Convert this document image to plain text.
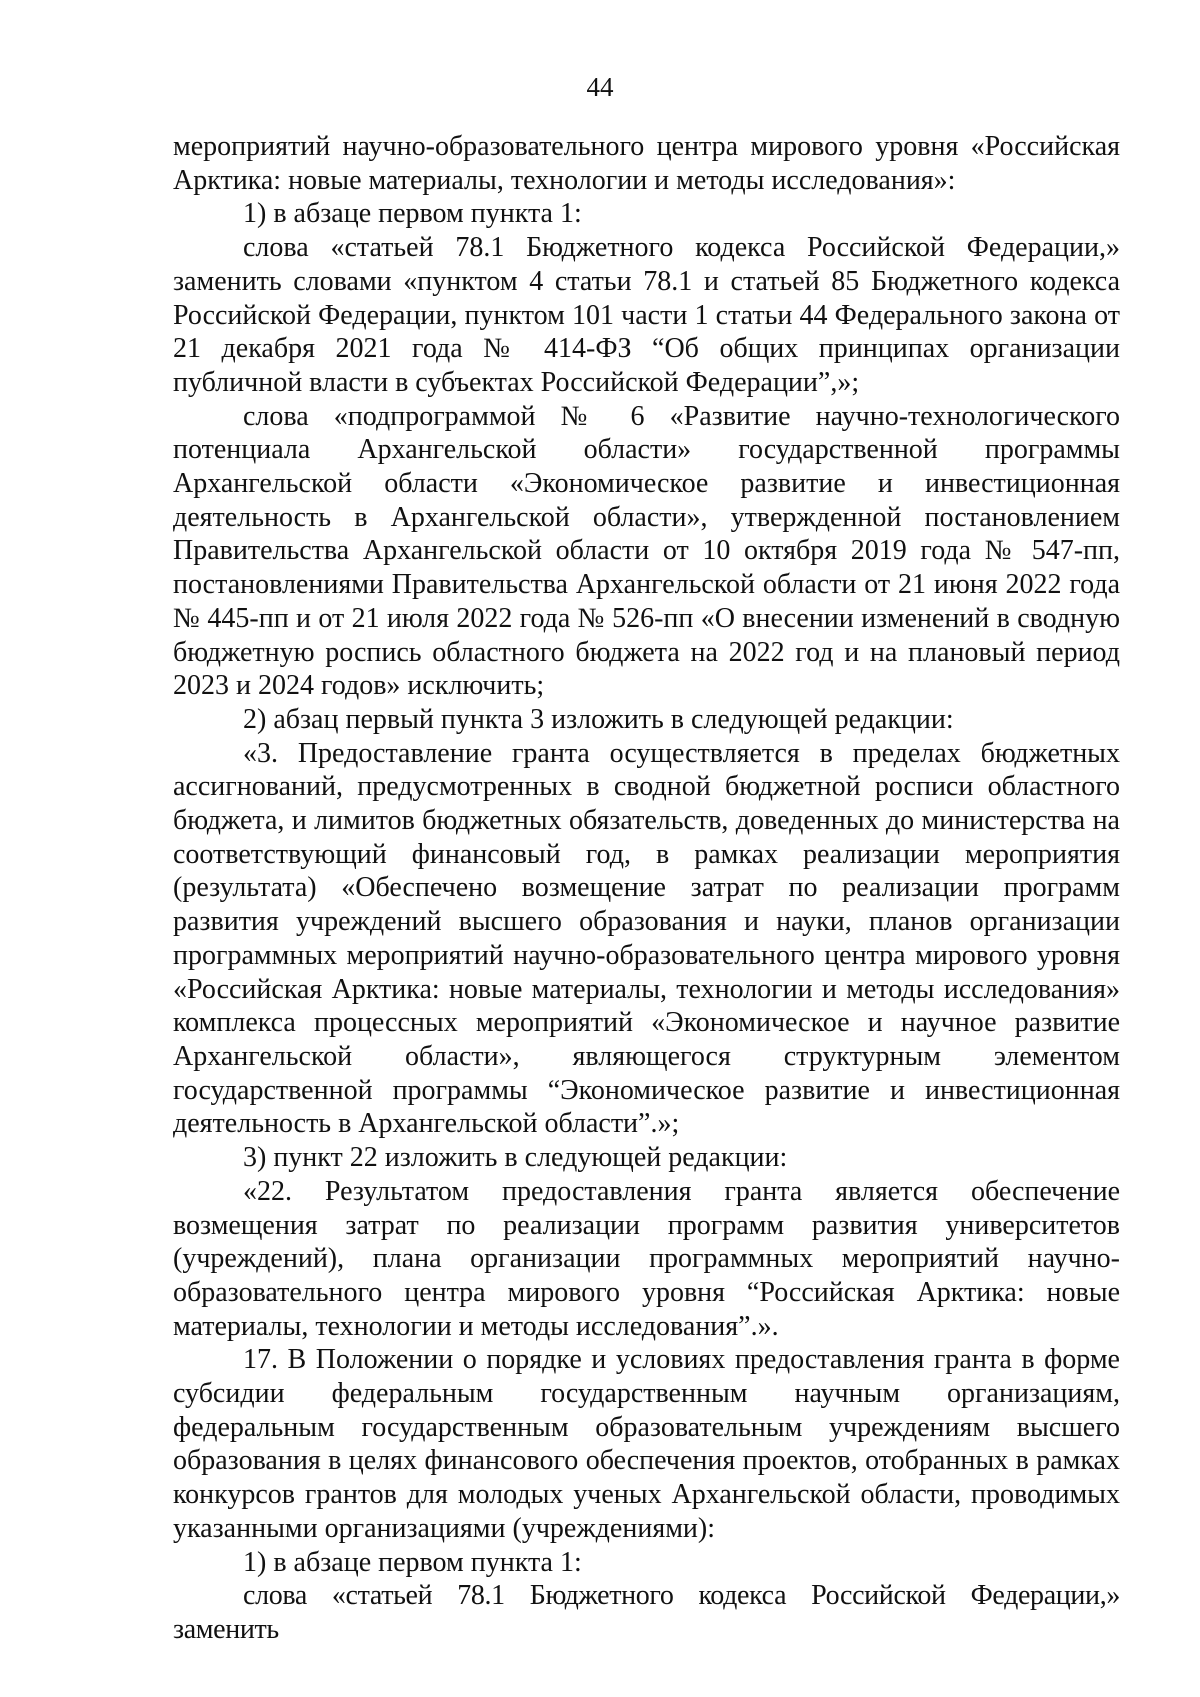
44

мероприятий научно-образовательного центра мирового уровня «Российская Арктика: новые материалы, технологии и методы исследования»:

1) в абзаце первом пункта 1:

слова «статьей 78.1 Бюджетного кодекса Российской Федерации,» заменить словами «пунктом 4 статьи 78.1 и статьей 85 Бюджетного кодекса Российской Федерации, пунктом 101 части 1 статьи 44 Федерального закона от 21 декабря 2021 года № 414-ФЗ “Об общих принципах организации публичной власти в субъектах Российской Федерации”,»;

слова «подпрограммой № 6 «Развитие научно-технологического потенциала Архангельской области» государственной программы Архангельской области «Экономическое развитие и инвестиционная деятельность в Архангельской области», утвержденной постановлением Правительства Архангельской области от 10 октября 2019 года № 547-пп, постановлениями Правительства Архангельской области от 21 июня 2022 года № 445-пп и от 21 июля 2022 года № 526-пп «О внесении изменений в сводную бюджетную роспись областного бюджета на 2022 год и на плановый период 2023 и 2024 годов» исключить;

2) абзац первый пункта 3 изложить в следующей редакции:

«3. Предоставление гранта осуществляется в пределах бюджетных ассигнований, предусмотренных в сводной бюджетной росписи областного бюджета, и лимитов бюджетных обязательств, доведенных до министерства на соответствующий финансовый год, в рамках реализации мероприятия (результата) «Обеспечено возмещение затрат по реализации программ развития учреждений высшего образования и науки, планов организации программных мероприятий научно-образовательного центра мирового уровня «Российская Арктика: новые материалы, технологии и методы исследования» комплекса процессных мероприятий «Экономическое и научное развитие Архангельской области», являющегося структурным элементом государственной программы “Экономическое развитие и инвестиционная деятельность в Архангельской области”.»;

3) пункт 22 изложить в следующей редакции:

«22. Результатом предоставления гранта является обеспечение возмещения затрат по реализации программ развития университетов (учреждений), плана организации программных мероприятий научно-образовательного центра мирового уровня “Российская Арктика: новые материалы, технологии и методы исследования”.».

17. В Положении о порядке и условиях предоставления гранта в форме субсидии федеральным государственным научным организациям, федеральным государственным образовательным учреждениям высшего образования в целях финансового обеспечения проектов, отобранных в рамках конкурсов грантов для молодых ученых Архангельской области, проводимых указанными организациями (учреждениями):

1) в абзаце первом пункта 1:

слова «статьей 78.1 Бюджетного кодекса Российской Федерации,» заменить
